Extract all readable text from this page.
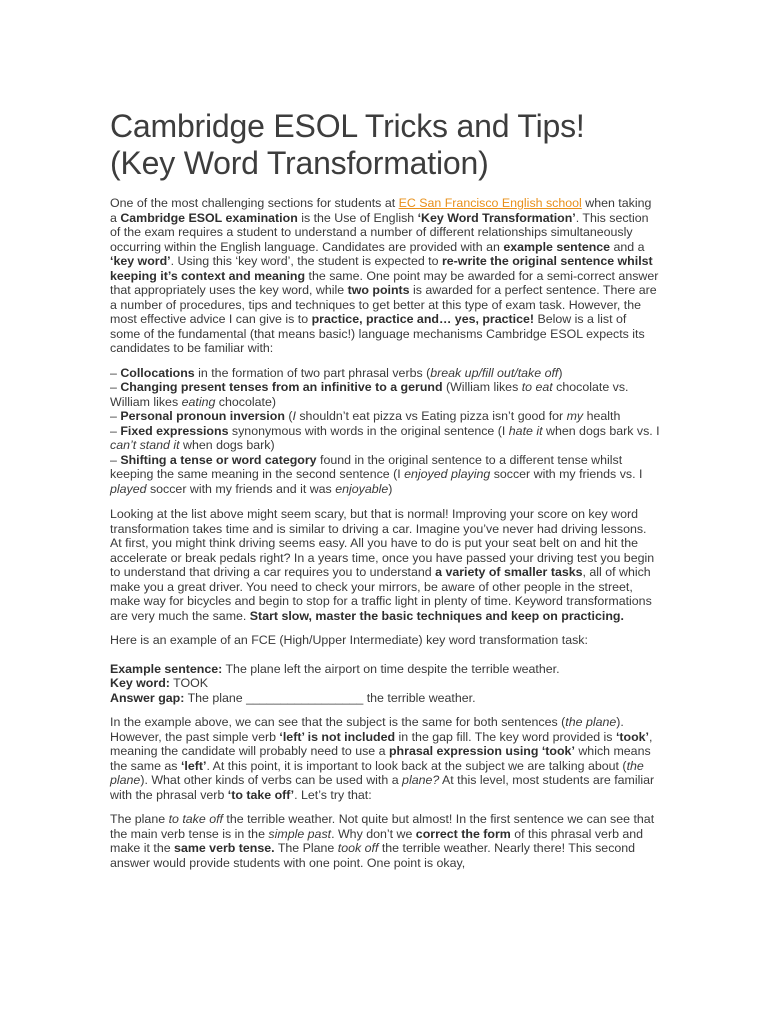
Cambridge ESOL Tricks and Tips!
(Key Word Transformation)

One of the most challenging sections for students at EC San Francisco English school when taking a Cambridge ESOL examination is the Use of English ‘Key Word Transformation’. This section of the exam requires a student to understand a number of different relationships simultaneously occurring within the English language. Candidates are provided with an example sentence and a ‘key word’. Using this ‘key word’, the student is expected to re-write the original sentence whilst keeping it’s context and meaning the same. One point may be awarded for a semi-correct answer that appropriately uses the key word, while two points is awarded for a perfect sentence. There are a number of procedures, tips and techniques to get better at this type of exam task. However, the most effective advice I can give is to practice, practice and… yes, practice! Below is a list of some of the fundamental (that means basic!) language mechanisms Cambridge ESOL expects its candidates to be familiar with:

– Collocations in the formation of two part phrasal verbs (break up/fill out/take off)
– Changing present tenses from an infinitive to a gerund (William likes to eat chocolate vs. William likes eating chocolate)
– Personal pronoun inversion (I shouldn’t eat pizza vs Eating pizza isn’t good for my health
– Fixed expressions synonymous with words in the original sentence (I hate it when dogs bark vs. I can’t stand it when dogs bark)
– Shifting a tense or word category found in the original sentence to a different tense whilst keeping the same meaning in the second sentence (I enjoyed playing soccer with my friends vs. I played soccer with my friends and it was enjoyable)

Looking at the list above might seem scary, but that is normal! Improving your score on key word transformation takes time and is similar to driving a car. Imagine you’ve never had driving lessons. At first, you might think driving seems easy. All you have to do is put your seat belt on and hit the accelerate or break pedals right? In a years time, once you have passed your driving test you begin to understand that driving a car requires you to understand a variety of smaller tasks, all of which make you a great driver. You need to check your mirrors, be aware of other people in the street, make way for bicycles and begin to stop for a traffic light in plenty of time. Keyword transformations are very much the same. Start slow, master the basic techniques and keep on practicing.

Here is an example of an FCE (High/Upper Intermediate) key word transformation task:

Example sentence: The plane left the airport on time despite the terrible weather.
Key word: TOOK
Answer gap: The plane _________________ the terrible weather.

In the example above, we can see that the subject is the same for both sentences (the plane). However, the past simple verb ‘left’ is not included in the gap fill. The key word provided is ‘took’, meaning the candidate will probably need to use a phrasal expression using ‘took’ which means the same as ‘left’. At this point, it is important to look back at the subject we are talking about (the plane). What other kinds of verbs can be used with a plane? At this level, most students are familiar with the phrasal verb ‘to take off’. Let’s try that:

The plane to take off the terrible weather. Not quite but almost! In the first sentence we can see that the main verb tense is in the simple past. Why don’t we correct the form of this phrasal verb and make it the same verb tense. The Plane took off the terrible weather. Nearly there! This second answer would provide students with one point. One point is okay,
